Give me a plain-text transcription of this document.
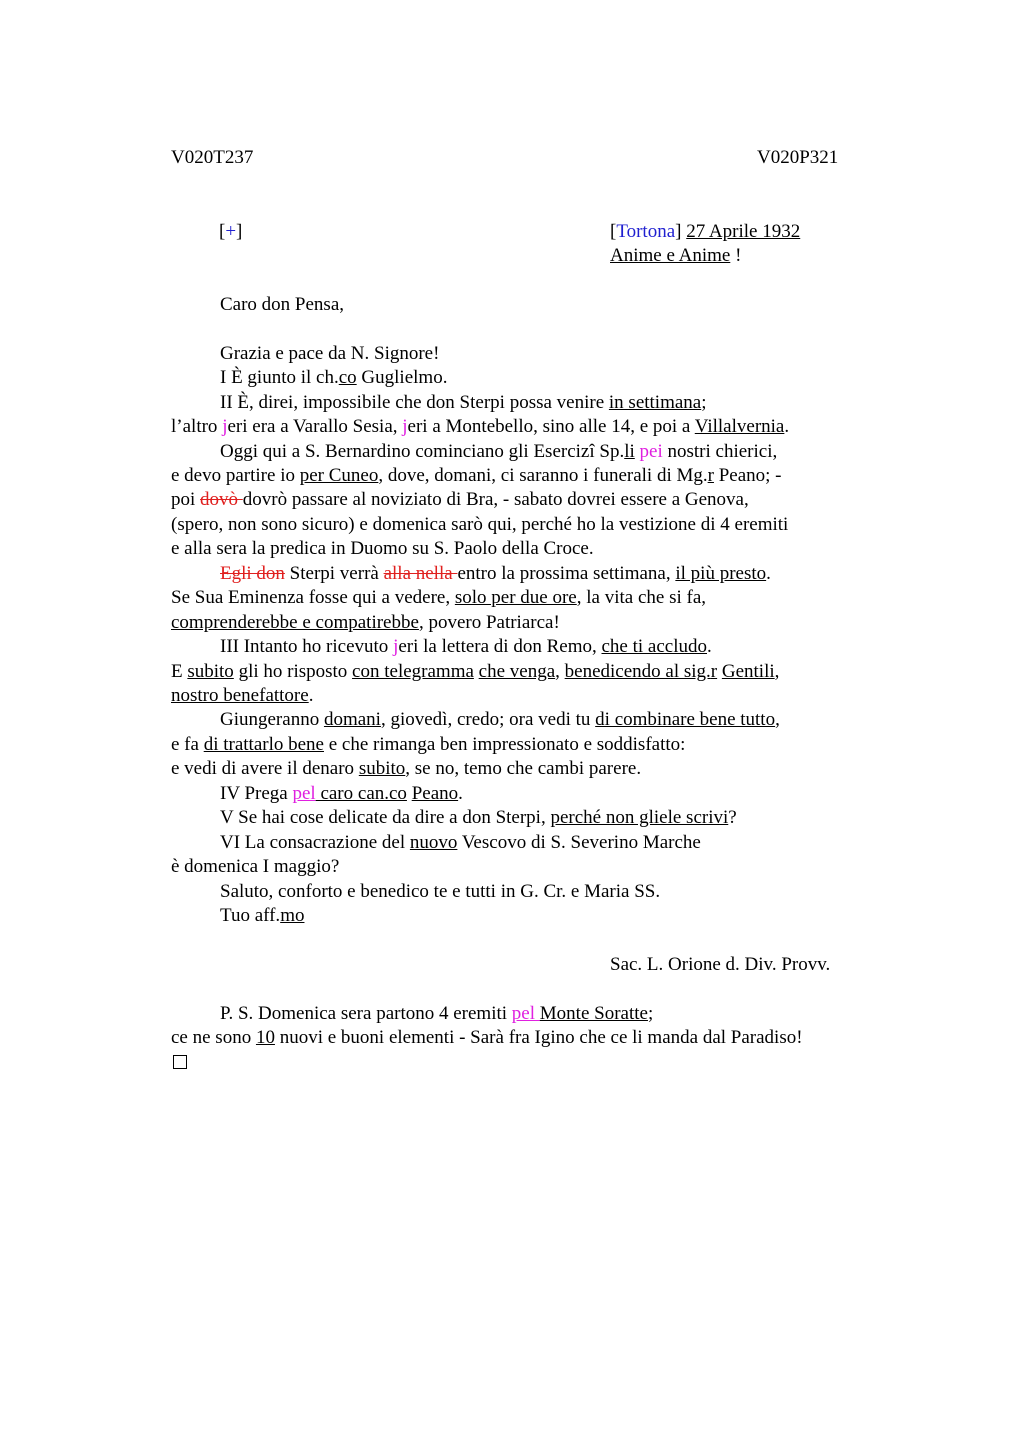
V020T237	V020P321
[+]	[Tortona] 27 Aprile 1932
Anime e Anime !
Caro don Pensa,
Grazia e pace da N. Signore!
I È giunto il ch.co Guglielmo.
II È, direi, impossibile che don Sterpi possa venire in settimana;
l’altro jeri era a Varallo Sesia, jeri a Montebello, sino alle 14, e poi a Villalvernia.
Oggi qui a S. Bernardino cominciano gli Esercizi Sp.li pei nostri chierici,
e devo partire io per Cuneo, dove, domani, ci saranno i funerali di Mg.r Peano; -
poi dovò dovrò passare al noviziato di Bra, - sabato dovrei essere a Genova,
(spero, non sono sicuro) e domenica sarò qui, perché ho la vestizione di 4 eremiti
e alla sera la predica in Duomo su S. Paolo della Croce.
Egli don Sterpi verrà alla nella entro la prossima settimana, il più presto.
Se Sua Eminenza fosse qui a vedere, solo per due ore, la vita che si fa,
comprenderebbe e compatirebbe, povero Patriarca!
III Intanto ho ricevuto jeri la lettera di don Remo, che ti accludo.
E subito gli ho risposto con telegramma che venga, benedicendo al sig.r Gentili,
nostro benefattore.
Giungeranno domani, giovedì, credo; ora vedi tu di combinare bene tutto,
e fa di trattarlo bene e che rimanga ben impressionato e soddisfatto:
e vedi di avere il denaro subito, se no, temo che cambi parere.
IV Prega pel caro can.co Peano.
V Se hai cose delicate da dire a don Sterpi, perché non gliele scrivi?
VI La consacrazione del nuovo Vescovo di S. Severino Marche
è domenica I maggio?
Saluto, conforto e benedico te e tutti in G. Cr. e Maria SS.
Tuo aff.mo
Sac. L. Orione d. Div. Provv.
P. S. Domenica sera partono 4 eremiti pel Monte Soratte;
ce ne sono 10 nuovi e buoni elementi - Sarà fra Igino che ce li manda dal Paradiso!
